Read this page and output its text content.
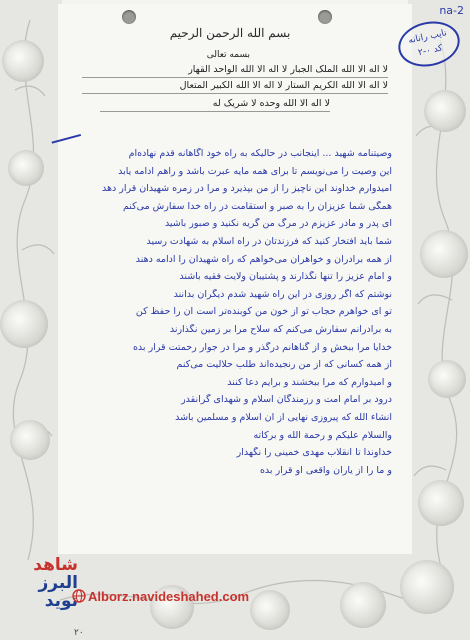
na-2
نایب رانانه
کد ۰-۲
بسم الله الرحمن الرحیم
بسمه تعالی
لا اله الا الله الملک الجبار لا اله الا الله الواحد القهار
لا اله الا الله الکریم الستار لا اله الا الله الکبیر المتعال
لا اله الا الله وحده لا شریک له
وصیتنامه شهید ... اینجانب در حالیکه به راه خود آگاهانه قدم نهاده‌ام
این وصیت را می‌نویسم تا برای همه مایه عبرت باشد و راهم ادامه یابد
امیدوارم خداوند این ناچیز را از من بپذیرد و مرا در زمره شهیدان قرار دهد
همگی شما عزیزان را به صبر و استقامت در راه خدا سفارش می‌کنم
ای پدر و مادر عزیزم در مرگ من گریه نکنید و صبور باشید
شما باید افتخار کنید که فرزندتان در راه اسلام به شهادت رسید
از همه برادران و خواهران می‌خواهم که راه شهیدان را ادامه دهند
و امام عزیز را تنها نگذارند و پشتیبان ولایت فقیه باشند
نوشتم که اگر روزی در این راه شهید شدم دیگران بدانند
تو ای خواهرم حجاب تو از خون من کوبنده‌تر است آن را حفظ کن
به برادرانم سفارش می‌کنم که سلاح مرا بر زمین نگذارند
خدایا مرا ببخش و از گناهانم درگذر و مرا در جوار رحمتت قرار بده
از همه کسانی که از من رنجیده‌اند طلب حلالیت می‌کنم
و امیدوارم که مرا ببخشند و برایم دعا کنند
درود بر امام امت و رزمندگان اسلام و شهدای گرانقدر
انشاء الله که پیروزی نهایی از آن اسلام و مسلمین باشد
والسلام علیکم و رحمة الله و برکاته
خداوندا تا انقلاب مهدی خمینی را نگهدار
و ما را از یاران واقعی او قرار بده
شاهد
البرز نوید Alborz.navideshahed.com
۲۰
